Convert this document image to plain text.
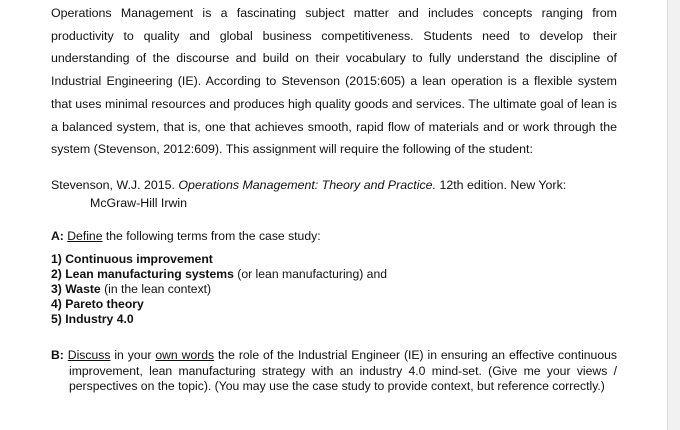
Operations Management is a fascinating subject matter and includes concepts ranging from productivity to quality and global business competitiveness. Students need to develop their understanding of the discourse and build on their vocabulary to fully understand the discipline of Industrial Engineering (IE). According to Stevenson (2015:605) a lean operation is a flexible system that uses minimal resources and produces high quality goods and services. The ultimate goal of lean is a balanced system, that is, one that achieves smooth, rapid flow of materials and or work through the system (Stevenson, 2012:609). This assignment will require the following of the student:
Stevenson, W.J. 2015. Operations Management: Theory and Practice. 12th edition. New York:
McGraw-Hill Irwin
A: Define the following terms from the case study:
1) Continuous improvement
2) Lean manufacturing systems (or lean manufacturing) and
3) Waste (in the lean context)
4) Pareto theory
5) Industry 4.0
B: Discuss in your own words the role of the Industrial Engineer (IE) in ensuring an effective continuous improvement, lean manufacturing strategy with an industry 4.0 mind-set. (Give me your views / perspectives on the topic). (You may use the case study to provide context, but reference correctly.)
